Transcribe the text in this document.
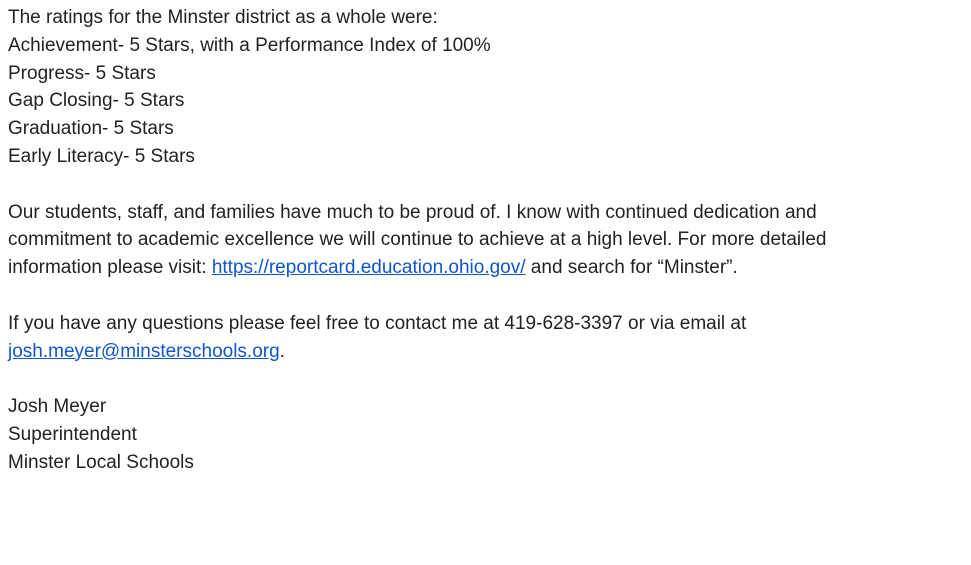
The ratings for the Minster district as a whole were:
Achievement- 5 Stars, with a Performance Index of 100%
Progress- 5 Stars
Gap Closing- 5 Stars
Graduation- 5 Stars
Early Literacy- 5 Stars
Our students, staff, and families have much to be proud of. I know with continued dedication and
commitment to academic excellence we will continue to achieve at a high level. For more detailed
information please visit: https://reportcard.education.ohio.gov/ and search for “Minster”.
If you have any questions please feel free to contact me at 419-628-3397 or via email at
josh.meyer@minsterschools.org.
Josh Meyer
Superintendent
Minster Local Schools
